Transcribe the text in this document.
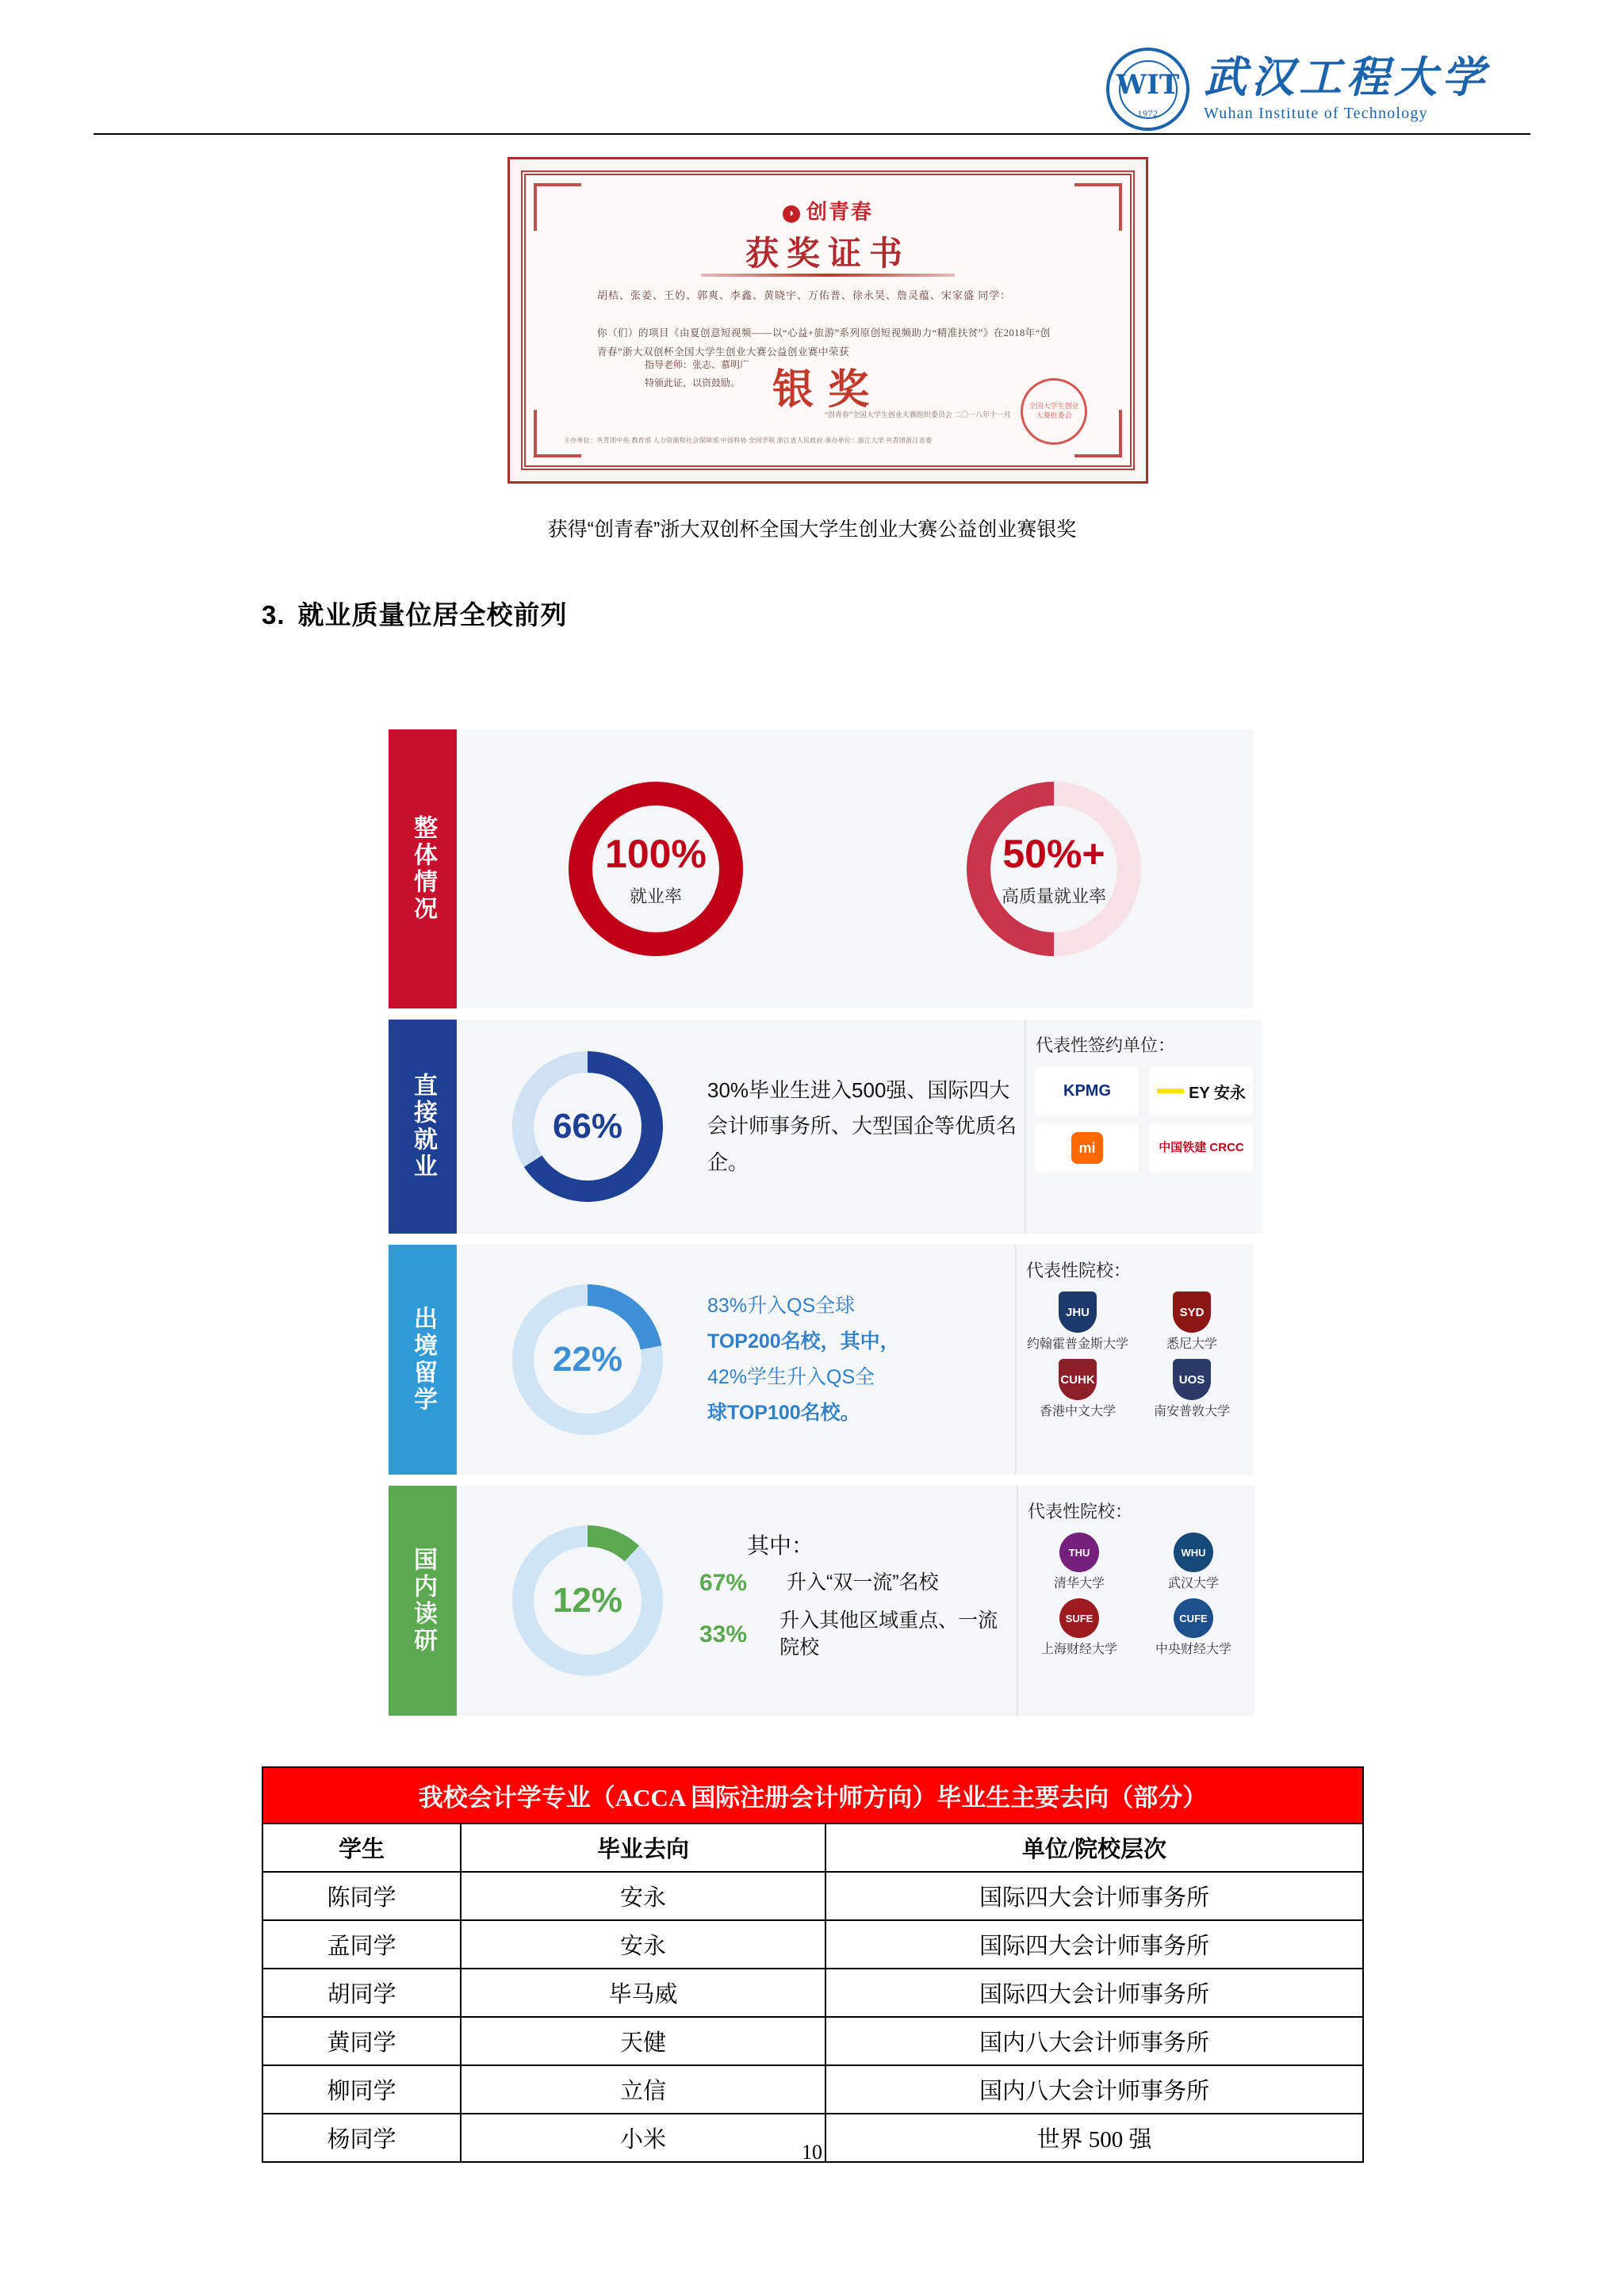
WIT
1972
武汉工程大学
Wuhan Institute of Technology
◑ 创青春
获奖证书
胡桔、张姜、王妁、郭爽、李鑫、黄晓宇、万佑普、徐永昊、詹灵蕴、宋家盛 同学：
你（们）的项目《由夏创意短视频——以“心益+旅游”系列原创短视频助力“精准扶贫”》在2018年“创青春”浙大双创杯全国大学生创业大赛公益创业赛中荣获
银奖
指导老师：张志、慕明广
特颁此证，以资鼓励。
主办单位：共青团中央 教育部 人力资源和社会保障部 中国科协 全国学联 浙江省人民政府 承办单位：浙江大学 共青团浙江省委
“创青春”全国大学生创业大赛组织委员会 二〇一八年十一月
全国大学生创业大赛组委会
获得“创青春”浙大双创杯全国大学生创业大赛公益创业赛银奖
3. 就业质量位居全校前列
整体情况	100%
就业率
50%+
高质量就业率
直接就业	66%
30%毕业生进入500强、国际四大会计师事务所、大型国企等优质名企。
代表性签约单位：
KPMG	EY 安永
mi	中国铁建 CRCC
出境留学	22%
83%升入QS全球
TOP200名校，其中，
42%学生升入QS全
球TOP100名校。
代表性院校：
JHU
约翰霍普金斯大学
SYD
悉尼大学
CUHK
香港中文大学
UOS
南安普敦大学
国内读研	12%
其中：
67%	升入“双一流”名校
33%
升入其他区域重点、一流院校
代表性院校：
THU
清华大学
WHU
武汉大学
SUFE
上海财经大学
CUFE
中央财经大学
我校会计学专业（ACCA 国际注册会计师方向）毕业生主要去向（部分）		
学生	毕业去向	单位/院校层次
陈同学	安永	国际四大会计师事务所
孟同学	安永	国际四大会计师事务所
胡同学	毕马威	国际四大会计师事务所
黄同学	天健	国内八大会计师事务所
柳同学	立信	国内八大会计师事务所
杨同学	小米	世界 500 强
10
